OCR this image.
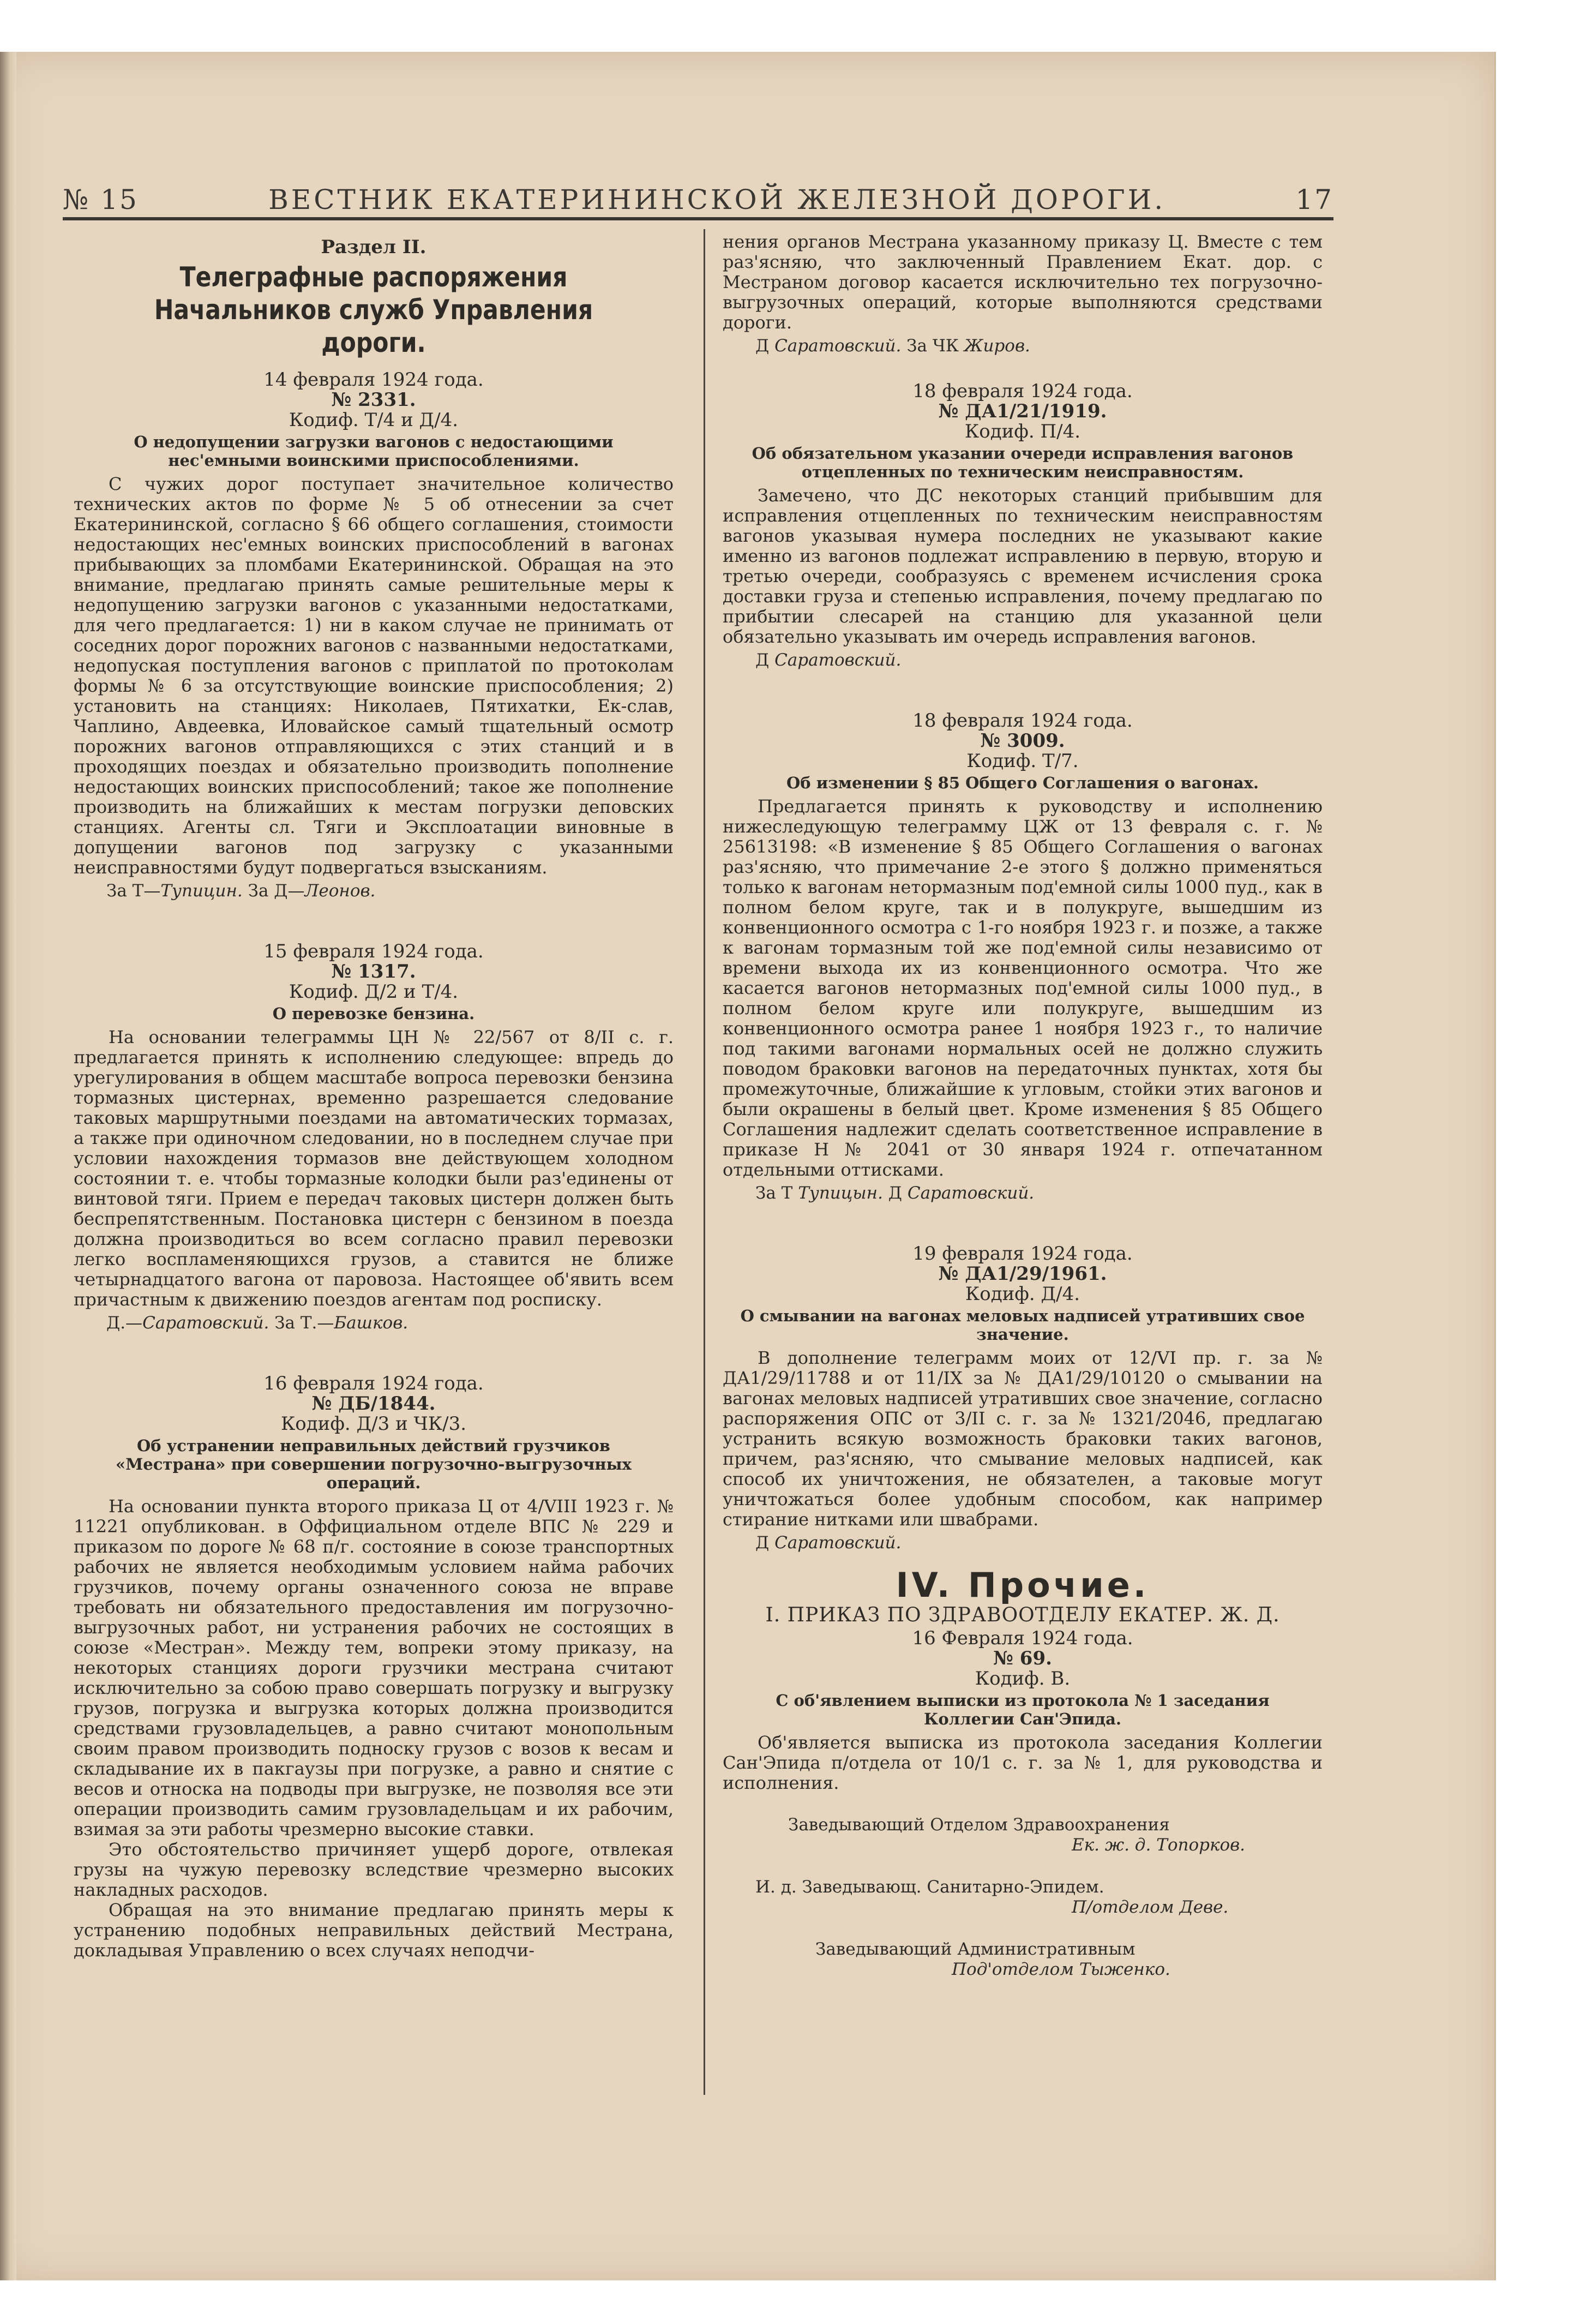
№ 15	ВЕСТНИК ЕКАТЕРИНИНСКОЙ ЖЕЛЕЗНОЙ ДОРОГИ.	17
Раздел II.
Телеграфные распоряжения Начальников служб Управления дороги.
14 февраля 1924 года.
№ 2331.
Кодиф. Т/4 и Д/4.
О недопущении загрузки вагонов с недостающими нес'емными воинскими приспособлениями.

С чужих дорог поступает значительное количество технических актов по форме № 5 об отнесении за счет Екатерининской, согласно § 66 общего соглашения, стоимости недостающих нес'емных воинских приспособлений в вагонах прибывающих за пломбами Екатерининской. Обращая на это внимание, предлагаю принять самые решительные меры к недопущению загрузки вагонов с указанными недостатками, для чего предлагается: 1) ни в каком случае не принимать от соседних дорог порожних вагонов с названными недостатками, недопуская поступления вагонов с приплатой по протоколам формы № 6 за отсутствующие воинские приспособления; 2) установить на станциях: Николаев, Пятихатки, Ек-слав, Чаплино, Авдеевка, Иловайское самый тщательный осмотр порожних вагонов отправляющихся с этих станций и в проходящих поездах и обязательно производить пополнение недостающих воинских приспособлений; такое же пополнение производить на ближайших к местам погрузки деповских станциях. Агенты сл. Тяги и Эксплоатации виновные в допущении вагонов под загрузку с указанными неисправностями будут подвергаться взысканиям.

За Т—Тупицин. За Д—Леонов.
15 февраля 1924 года.
№ 1317.
Кодиф. Д/2 и Т/4.
О перевозке бензина.

На основании телеграммы ЦН № 22/567 от 8/II с. г. предлагается принять к исполнению следующее: впредь до урегулирования в общем масштабе вопроса перевозки бензина тормазных цистернах, временно разрешается следование таковых маршрутными поездами на автоматических тормазах, а также при одиночном следовании, но в последнем случае при условии нахождения тормазов вне действующем холодном состоянии т. е. чтобы тормазные колодки были раз'единены от винтовой тяги. Прием е передач таковых цистерн должен быть беспрепятственным. Постановка цистерн с бензином в поезда должна производиться во всем согласно правил перевозки легко воспламеняющихся грузов, а ставится не ближе четырнадцатого вагона от паровоза. Настоящее об'явить всем причастным к движению поездов агентам под росписку.

Д.—Саратовский. За Т.—Башков.
16 февраля 1924 года.
№ ДБ/1844.
Кодиф. Д/3 и ЧК/3.
Об устранении неправильных действий грузчиков «Местрана» при совершении погрузочно-выгрузочных операций.

На основании пункта второго приказа Ц от 4/VIII 1923 г. № 11221 опубликован. в Оффициальном отделе ВПС № 229 и приказом по дороге № 68 п/г. состояние в союзе транспортных рабочих не является необходимым условием найма рабочих грузчиков, почему органы означенного союза не вправе требовать ни обязательного предоставления им погрузочно-выгрузочных работ, ни устранения рабочих не состоящих в союзе «Местран». Между тем, вопреки этому приказу, на некоторых станциях дороги грузчики местрана считают исключительно за собою право совершать погрузку и выгрузку грузов, погрузка и выгрузка которых должна производится средствами грузовладельцев, а равно считают монопольным своим правом производить подноску грузов с возов к весам и складывание их в пакгаузы при погрузке, а равно и снятие с весов и относка на подводы при выгрузке, не позволяя все эти операции производить самим грузовладельцам и их рабочим, взимая за эти работы чрезмерно высокие ставки.

Это обстоятельство причиняет ущерб дороге, отвлекая грузы на чужую перевозку вследствие чрезмерно высоких накладных расходов.

Обращая на это внимание предлагаю принять меры к устранению подобных неправильных действий Местрана, докладывая Управлению о всех случаях неподчи-

нения органов Местрана указанному приказу Ц. Вместе с тем раз'ясняю, что заключенный Правлением Екат. дор. с Местраном договор касается исключительно тех погрузочно-выгрузочных операций, которые выполняются средствами дороги.

Д Саратовский. За ЧК Жиров.
18 февраля 1924 года.
№ ДА1/21/1919.
Кодиф. П/4.
Об обязательном указании очереди исправления вагонов отцепленных по техническим неисправностям.

Замечено, что ДС некоторых станций прибывшим для исправления отцепленных по техническим неисправностям вагонов указывая нумера последних не указывают какие именно из вагонов подлежат исправлению в первую, вторую и третью очереди, сообразуясь с временем исчисления срока доставки груза и степенью исправления, почему предлагаю по прибытии слесарей на станцию для указанной цели обязательно указывать им очередь исправления вагонов.

Д Саратовский.
18 февраля 1924 года.
№ 3009.
Кодиф. Т/7.
Об изменении § 85 Общего Соглашения о вагонах.

Предлагается принять к руководству и исполнению нижеследующую телеграмму ЦЖ от 13 февраля с. г. № 25613198: «В изменение § 85 Общего Соглашения о вагонах раз'ясняю, что примечание 2-е этого § должно применяться только к вагонам нетормазным под'емной силы 1000 пуд., как в полном белом круге, так и в полукруге, вышедшим из конвенционного осмотра с 1-го ноября 1923 г. и позже, а также к вагонам тормазным той же под'емной силы независимо от времени выхода их из конвенционного осмотра. Что же касается вагонов нетормазных под'емной силы 1000 пуд., в полном белом круге или полукруге, вышедшим из конвенционного осмотра ранее 1 ноября 1923 г., то наличие под такими вагонами нормальных осей не должно служить поводом браковки вагонов на передаточных пунктах, хотя бы промежуточные, ближайшие к угловым, стойки этих вагонов и были окрашены в белый цвет. Кроме изменения § 85 Общего Соглашения надлежит сделать соответственное исправление в приказе Н № 2041 от 30 января 1924 г. отпечатанном отдельными оттисками.

За Т Тупицын. Д Саратовский.
19 февраля 1924 года.
№ ДА1/29/1961.
Кодиф. Д/4.
О смывании на вагонах меловых надписей утративших свое значение.

В дополнение телеграмм моих от 12/VI пр. г. за № ДА1/29/11788 и от 11/IX за № ДА1/29/10120 о смывании на вагонах меловых надписей утративших свое значение, согласно распоряжения ОПС от 3/II с. г. за № 1321/2046, предлагаю устранить всякую возможность браковки таких вагонов, причем, раз'ясняю, что смывание меловых надписей, как способ их уничтожения, не обязателен, а таковые могут уничтожаться более удобным способом, как например стирание нитками или швабрами.

Д Саратовский.
IV. Прочие.
I. ПРИКАЗ ПО ЗДРАВООТДЕЛУ ЕКАТЕР. Ж. Д.
16 Февраля 1924 года.
№ 69.
Кодиф. В.
С об'явлением выписки из протокола № 1 заседания Коллегии Сан'Эпида.

Об'является выписка из протокола заседания Коллегии Сан'Эпида п/отдела от 10/1 с. г. за № 1, для руководства и исполнения.

Заведывающий Отделом Здравоохранения
Ек. ж. д. Топорков.
И. д. Заведывающ. Санитарно-Эпидем.
П/отделом Деве.
Заведывающий Административным
Под'отделом Тыженко.
